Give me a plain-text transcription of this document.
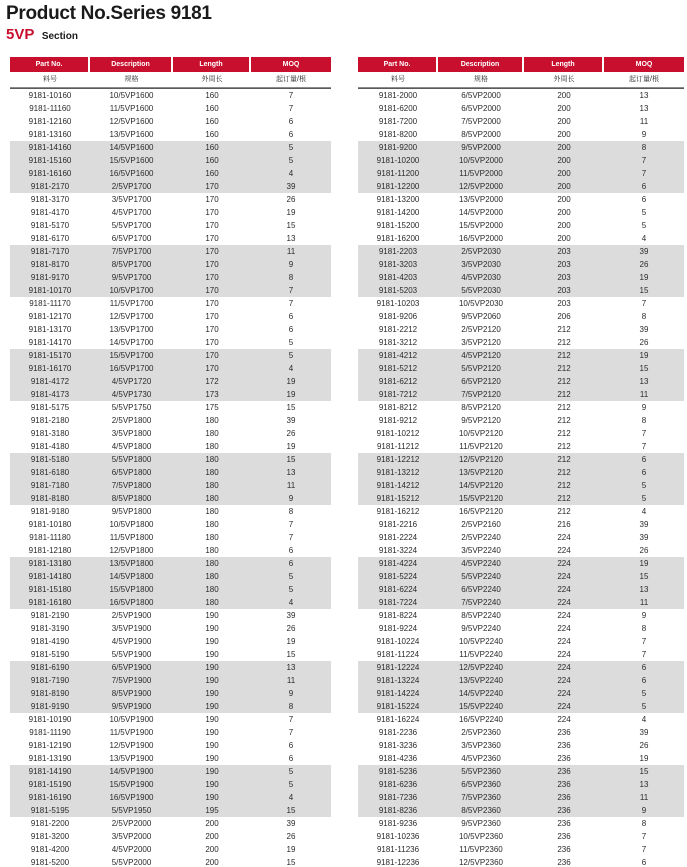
Product No.Series 9181
5VP Section
Part No.	Description	Length	MOQ
料号	规格	外周长	起订量/根
9181-10160	10/5VP1600	160	7
9181-11160	11/5VP1600	160	7
9181-12160	12/5VP1600	160	6
9181-13160	13/5VP1600	160	6
9181-14160	14/5VP1600	160	5
9181-15160	15/5VP1600	160	5
9181-16160	16/5VP1600	160	4
9181-2170	2/5VP1700	170	39
9181-3170	3/5VP1700	170	26
9181-4170	4/5VP1700	170	19
9181-5170	5/5VP1700	170	15
9181-6170	6/5VP1700	170	13
9181-7170	7/5VP1700	170	11
9181-8170	8/5VP1700	170	9
9181-9170	9/5VP1700	170	8
9181-10170	10/5VP1700	170	7
9181-11170	11/5VP1700	170	7
9181-12170	12/5VP1700	170	6
9181-13170	13/5VP1700	170	6
9181-14170	14/5VP1700	170	5
9181-15170	15/5VP1700	170	5
9181-16170	16/5VP1700	170	4
9181-4172	4/5VP1720	172	19
9181-4173	4/5VP1730	173	19
9181-5175	5/5VP1750	175	15
9181-2180	2/5VP1800	180	39
9181-3180	3/5VP1800	180	26
9181-4180	4/5VP1800	180	19
9181-5180	5/5VP1800	180	15
9181-6180	6/5VP1800	180	13
9181-7180	7/5VP1800	180	11
9181-8180	8/5VP1800	180	9
9181-9180	9/5VP1800	180	8
9181-10180	10/5VP1800	180	7
9181-11180	11/5VP1800	180	7
9181-12180	12/5VP1800	180	6
9181-13180	13/5VP1800	180	6
9181-14180	14/5VP1800	180	5
9181-15180	15/5VP1800	180	5
9181-16180	16/5VP1800	180	4
9181-2190	2/5VP1900	190	39
9181-3190	3/5VP1900	190	26
9181-4190	4/5VP1900	190	19
9181-5190	5/5VP1900	190	15
9181-6190	6/5VP1900	190	13
9181-7190	7/5VP1900	190	11
9181-8190	8/5VP1900	190	9
9181-9190	9/5VP1900	190	8
9181-10190	10/5VP1900	190	7
9181-11190	11/5VP1900	190	7
9181-12190	12/5VP1900	190	6
9181-13190	13/5VP1900	190	6
9181-14190	14/5VP1900	190	5
9181-15190	15/5VP1900	190	5
9181-16190	16/5VP1900	190	4
9181-5195	5/5VP1950	195	15
9181-2200	2/5VP2000	200	39
9181-3200	3/5VP2000	200	26
9181-4200	4/5VP2000	200	19
9181-5200	5/5VP2000	200	15
Part No.	Description	Length	MOQ
料号	规格	外周长	起订量/根
9181-2000	6/5VP2000	200	13
9181-6200	6/5VP2000	200	13
9181-7200	7/5VP2000	200	11
9181-8200	8/5VP2000	200	9
9181-9200	9/5VP2000	200	8
9181-10200	10/5VP2000	200	7
9181-11200	11/5VP2000	200	7
9181-12200	12/5VP2000	200	6
9181-13200	13/5VP2000	200	6
9181-14200	14/5VP2000	200	5
9181-15200	15/5VP2000	200	5
9181-16200	16/5VP2000	200	4
9181-2203	2/5VP2030	203	39
9181-3203	3/5VP2030	203	26
9181-4203	4/5VP2030	203	19
9181-5203	5/5VP2030	203	15
9181-10203	10/5VP2030	203	7
9181-9206	9/5VP2060	206	8
9181-2212	2/5VP2120	212	39
9181-3212	3/5VP2120	212	26
9181-4212	4/5VP2120	212	19
9181-5212	5/5VP2120	212	15
9181-6212	6/5VP2120	212	13
9181-7212	7/5VP2120	212	11
9181-8212	8/5VP2120	212	9
9181-9212	9/5VP2120	212	8
9181-10212	10/5VP2120	212	7
9181-11212	11/5VP2120	212	7
9181-12212	12/5VP2120	212	6
9181-13212	13/5VP2120	212	6
9181-14212	14/5VP2120	212	5
9181-15212	15/5VP2120	212	5
9181-16212	16/5VP2120	212	4
9181-2216	2/5VP2160	216	39
9181-2224	2/5VP2240	224	39
9181-3224	3/5VP2240	224	26
9181-4224	4/5VP2240	224	19
9181-5224	5/5VP2240	224	15
9181-6224	6/5VP2240	224	13
9181-7224	7/5VP2240	224	11
9181-8224	8/5VP2240	224	9
9181-9224	9/5VP2240	224	8
9181-10224	10/5VP2240	224	7
9181-11224	11/5VP2240	224	7
9181-12224	12/5VP2240	224	6
9181-13224	13/5VP2240	224	6
9181-14224	14/5VP2240	224	5
9181-15224	15/5VP2240	224	5
9181-16224	16/5VP2240	224	4
9181-2236	2/5VP2360	236	39
9181-3236	3/5VP2360	236	26
9181-4236	4/5VP2360	236	19
9181-5236	5/5VP2360	236	15
9181-6236	6/5VP2360	236	13
9181-7236	7/5VP2360	236	11
9181-8236	8/5VP2360	236	9
9181-9236	9/5VP2360	236	8
9181-10236	10/5VP2360	236	7
9181-11236	11/5VP2360	236	7
9181-12236	12/5VP2360	236	6
